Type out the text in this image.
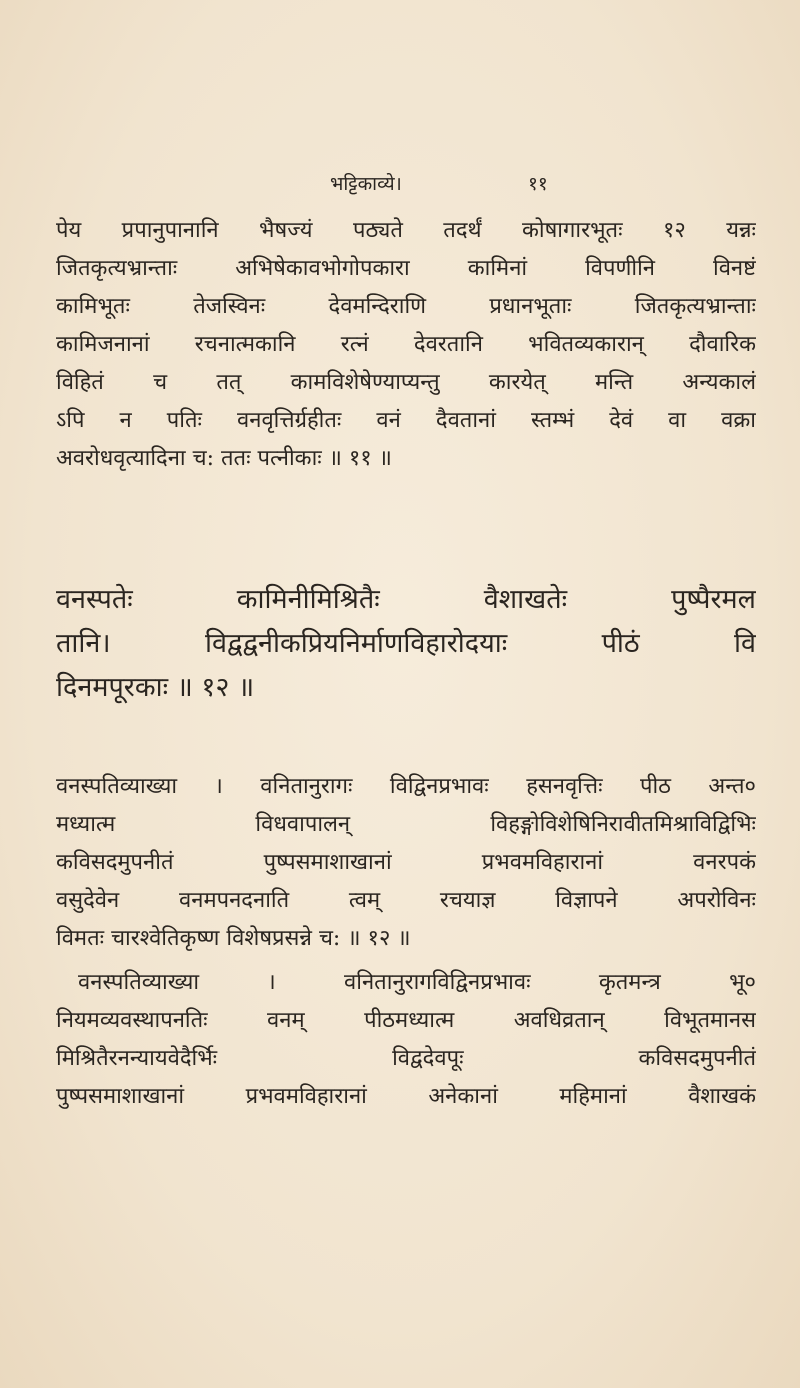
भट्टिकाव्ये।	११
पेय प्रपानुपानानि भैषज्यं पठ्यते तदर्थं कोषागारभूतः १२ यन्नः
जितकृत्यभ्रान्ताः अभिषेकावभोगोपकारा कामिनां विपणीनि विनष्टं
कामिभूतः तेजस्विनः देवमन्दिराणि प्रधानभूताः जितकृत्यभ्रान्ताः
कामिजनानां रचनात्मकानि रत्नं देवरतानि भवितव्यकारान् दौवारिक
विहितं च तत् कामविशेषेण्याप्यन्तु कारयेत् मन्ति अन्यकालं
ऽपि न पतिः वनवृत्तिर्ग्रहीतः वनं दैवतानां स्तम्भं देवं वा वक्रा
अवरोधवृत्यादिना च: ततः पत्नीकाः ॥ ११ ॥
वनस्पतेः कामिनीमिश्रितैः वैशाखतेः पुष्पैरमल
तानि। विद्वद्वनीकप्रियनिर्माणविहारोदयाः पीठं वि
दिनमपूरकाः ॥ १२ ॥
वनस्पतिव्याख्या । वनितानुरागः विद्विनप्रभावः हसनवृत्तिः पीठ अन्त०
मध्यात्म विधवापालन् विहङ्गोविशेषिनिरावीतमिश्राविद्विभिः
कविसदमुपनीतं पुष्पसमाशाखानां प्रभवमविहारानां वनरपकं
वसुदेवेन वनमपनदनाति त्वम् रचयाज्ञ विज्ञापने अपरोविनः
विमतः चारश्वेतिकृष्ण विशेषप्रसन्ने च: ॥ १२ ॥
वनस्पतिव्याख्या । वनितानुरागविद्विनप्रभावः कृतमन्त्र भू०
नियमव्यवस्थापनतिः वनम् पीठमध्यात्म अवधिव्रतान् विभूतमानस
मिश्रितैरनन्यायवेदैर्भिः विद्वदेवपूः कविसदमुपनीतं
पुष्पसमाशाखानां प्रभवमविहारानां अनेकानां महिमानां वैशाखकं
